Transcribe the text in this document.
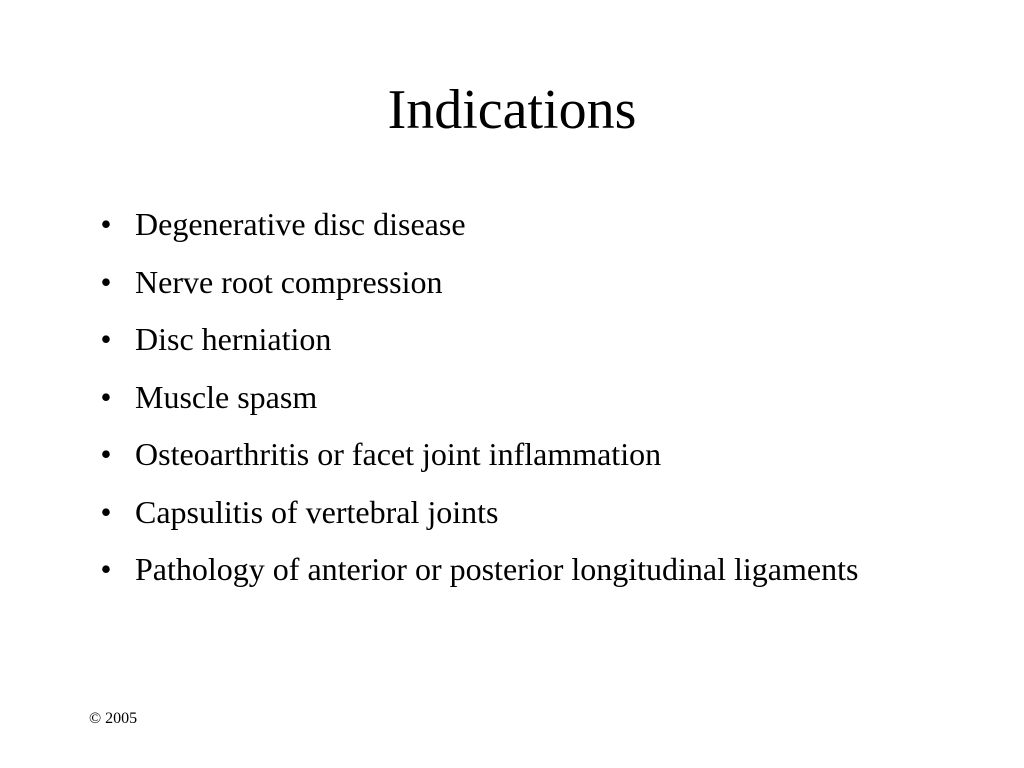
Indications
• Degenerative disc disease
• Nerve root compression
• Disc herniation
• Muscle spasm
• Osteoarthritis or facet joint inflammation
• Capsulitis of vertebral joints
• Pathology of anterior or posterior longitudinal ligaments
© 2005
